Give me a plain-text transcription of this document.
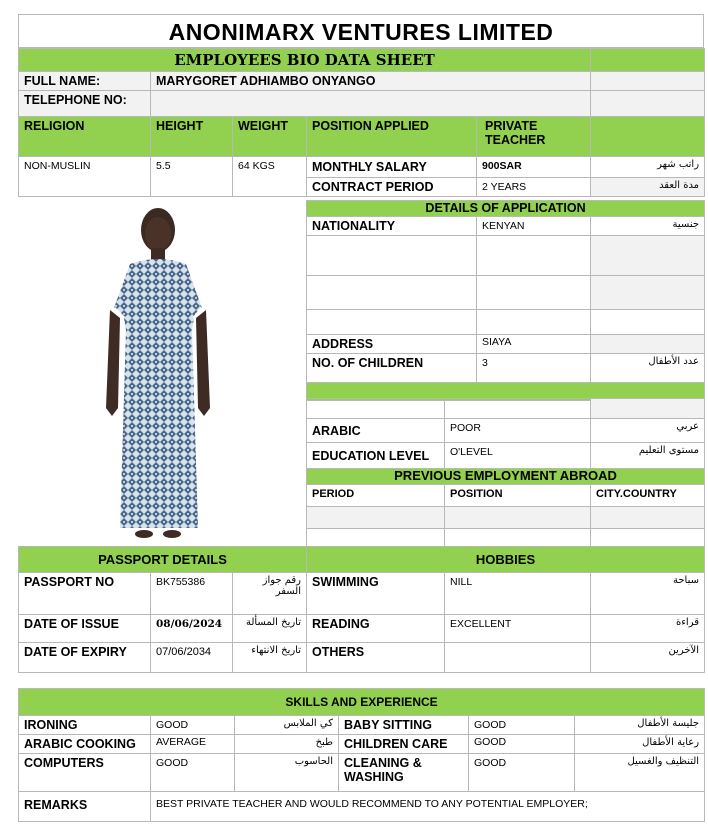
ANONIMARX VENTURES LIMITED
EMPLOYEES BIO DATA SHEET					
FULL NAME:	MARYGORET ADHIAMBO ONYANGO				
TELEPHONE NO:					
RELIGION	HEIGHT	WEIGHT	POSITION APPLIED	PRIVATE TEACHER	
NON-MUSLIN	5.5	64 KGS	MONTHLY SALARY	900SAR	راتب شهر
			CONTRACT PERIOD	2 YEARS	مدة العقد
DETAILS OF APPLICATION		
NATIONALITY	KENYAN	جنسية

ADDRESS	SIAYA	
NO. OF CHILDREN	3	عدد الأطفال

ARABIC	POOR	عربي
EDUCATION LEVEL	O'LEVEL	مستوى التعليم
PREVIOUS EMPLOYMENT ABROAD		
PERIOD	POSITION	CITY.COUNTRY

PASSPORT DETAILS			HOBBIES		
PASSPORT NO	BK755386	رقم جواز السفر	SWIMMING	NILL	سباحة
DATE OF ISSUE	08/06/2024	تاريخ المسألة	READING	EXCELLENT	قراءة
DATE OF EXPIRY	07/06/2034	تاريخ الانتهاء	OTHERS		الآخرين
SKILLS AND EXPERIENCE					
IRONING	GOOD	كي الملابس	BABY SITTING	GOOD	جليسة الأطفال
ARABIC COOKING	AVERAGE	طبخ	CHILDREN CARE	GOOD	رعاية الأطفال
COMPUTERS	GOOD	الحاسوب	CLEANING & WASHING	GOOD	التنظيف والغسيل
REMARKS	BEST PRIVATE TEACHER AND WOULD RECOMMEND TO ANY POTENTIAL EMPLOYER;				
